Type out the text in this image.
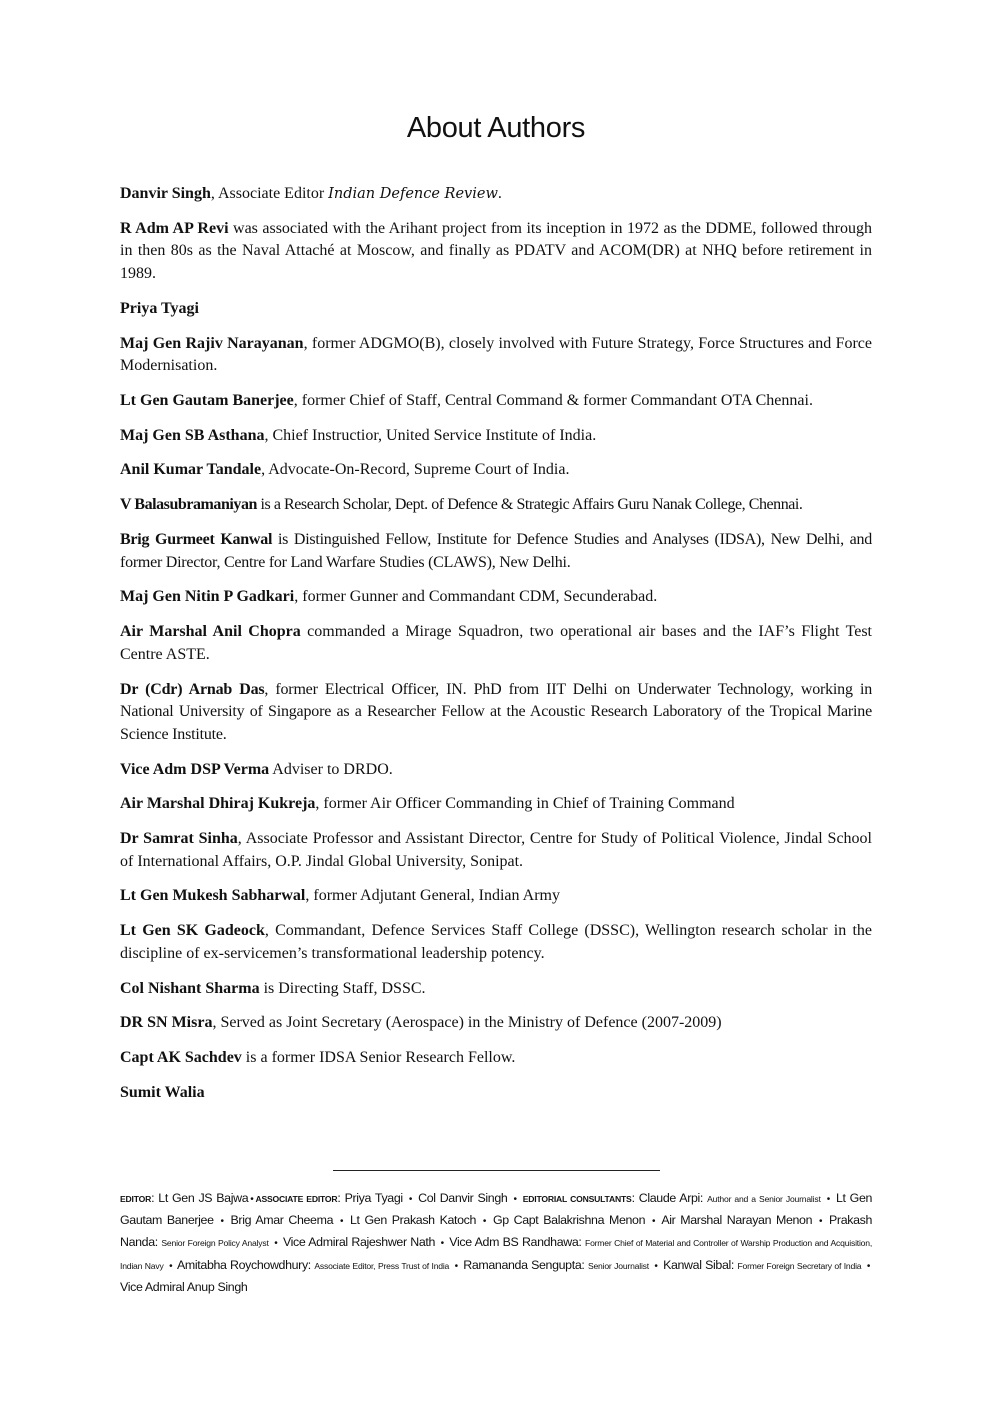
About Authors

Danvir Singh, Associate Editor Indian Defence Review.

R Adm AP Revi was associated with the Arihant project from its inception in 1972 as the DDME, followed through in then 80s as the Naval Attaché at Moscow, and finally as PDATV and ACOM(DR) at NHQ before retirement in 1989.

Priya Tyagi

Maj Gen Rajiv Narayanan, former ADGMO(B), closely involved with Future Strategy, Force Structures and Force Modernisation.

Lt Gen Gautam Banerjee, former Chief of Staff, Central Command & former Commandant OTA Chennai.

Maj Gen SB Asthana, Chief Instructior, United Service Institute of India.

Anil Kumar Tandale, Advocate-On-Record, Supreme Court of India.

V Balasubramaniyan is a Research Scholar, Dept. of Defence & Strategic Affairs Guru Nanak College, Chennai.

Brig Gurmeet Kanwal is Distinguished Fellow, Institute for Defence Studies and Analyses (IDSA), New Delhi, and former Director, Centre for Land Warfare Studies (CLAWS), New Delhi.

Maj Gen Nitin P Gadkari, former Gunner and Commandant CDM, Secunderabad.

Air Marshal Anil Chopra commanded a Mirage Squadron, two operational air bases and the IAF’s Flight Test Centre ASTE.

Dr (Cdr) Arnab Das, former Electrical Officer, IN. PhD from IIT Delhi on Underwater Technology, working in National University of Singapore as a Researcher Fellow at the Acoustic Research Laboratory of the Tropical Marine Science Institute.

Vice Adm DSP Verma Adviser to DRDO.

Air Marshal Dhiraj Kukreja, former Air Officer Commanding in Chief of Training Command

Dr Samrat Sinha, Associate Professor and Assistant Director, Centre for Study of Political Violence, Jindal School of International Affairs, O.P. Jindal Global University, Sonipat.

Lt Gen Mukesh Sabharwal, former Adjutant General, Indian Army

Lt Gen SK Gadeock, Commandant, Defence Services Staff College (DSSC), Wellington research scholar in the discipline of ex-servicemen’s transformational leadership potency.

Col Nishant Sharma is Directing Staff, DSSC.

DR SN Misra, Served as Joint Secretary (Aerospace) in the Ministry of Defence (2007-2009)

Capt AK Sachdev is a former IDSA Senior Research Fellow.

Sumit Walia

EDITOR: Lt Gen JS Bajwa • ASSOCIATE EDITOR: Priya Tyagi • Col Danvir Singh • EDITORIAL CONSULTANTS: Claude Arpi: Author and a Senior Journalist • Lt Gen Gautam Banerjee • Brig Amar Cheema • Lt Gen Prakash Katoch • Gp Capt Balakrishna Menon • Air Marshal Narayan Menon • Prakash Nanda: Senior Foreign Policy Analyst • Vice Admiral Rajeshwer Nath • Vice Adm BS Randhawa: Former Chief of Material and Controller of Warship Production and Acquisition, Indian Navy • Amitabha Roychowdhury: Associate Editor, Press Trust of India • Ramananda Sengupta: Senior Journalist • Kanwal Sibal: Former Foreign Secretary of India • Vice Admiral Anup Singh
